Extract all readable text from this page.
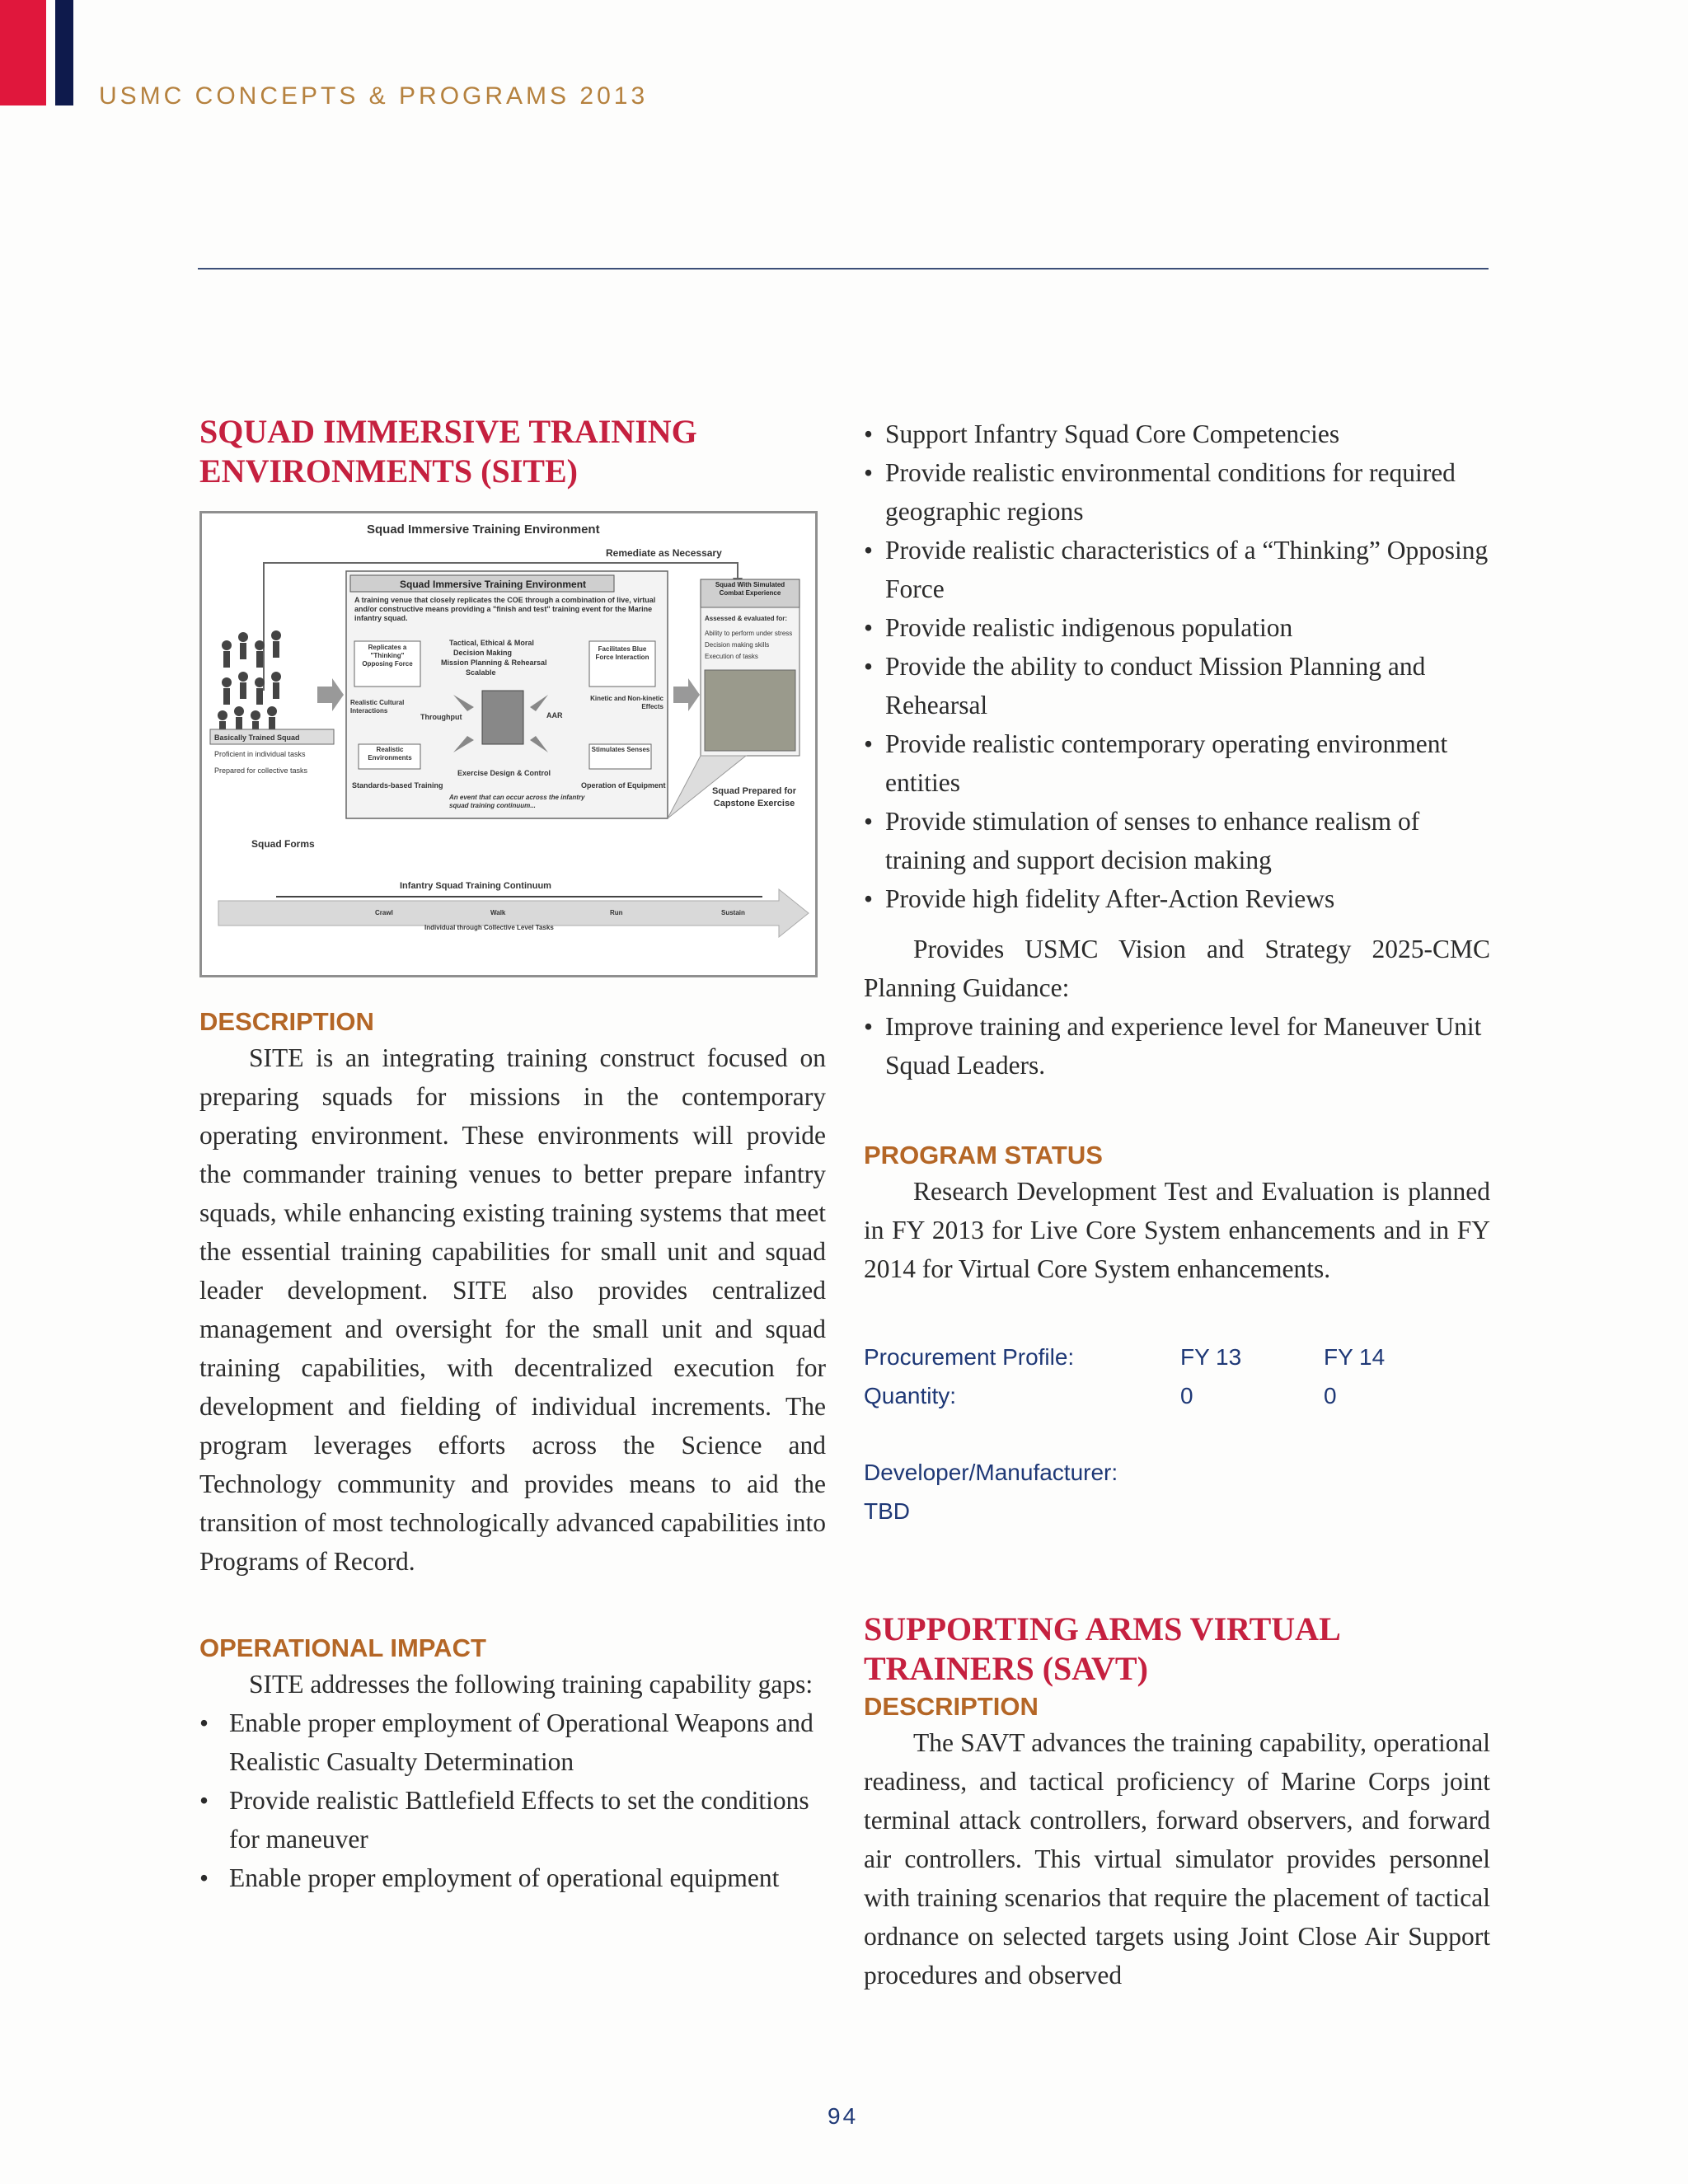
USMC CONCEPTS & PROGRAMS 2013
SQUAD IMMERSIVE TRAINING
ENVIRONMENTS (SITE)
Squad Immersive Training Environment
Remediate as Necessary
Basically Trained Squad
Proficient in individual tasks
Prepared for collective tasks
Squad Forms
Squad Immersive Training Environment
A training venue that closely replicates the COE through a combination of live, virtual and/or constructive means providing a "finish and test" training event for the Marine infantry squad.
Tactical, Ethical & Moral
Decision Making
Mission Planning & Rehearsal
Scalable
Replicates a "Thinking" Opposing Force
Facilitates Blue Force Interaction
Realistic Cultural Interactions
Throughput	AAR
Kinetic and Non-kinetic Effects
Realistic Environments
Stimulates Senses
Exercise Design & Control
Standards-based Training	Operation of Equipment
An event that can occur across the infantry squad training continuum...
Squad With Simulated Combat Experience
Assessed & evaluated for:
Ability to perform under stress
Decision making skills
Execution of tasks
Squad Prepared for Capstone Exercise
Infantry Squad Training Continuum
Crawl	Walk	Run	Sustain
Individual through Collective Level Tasks
DESCRIPTION

SITE is an integrating training construct focused on preparing squads for missions in the contemporary operating environment. These environments will provide the commander training venues to better prepare infantry squads, while enhancing existing training systems that meet the essential training capabilities for small unit and squad leader development. SITE also provides centralized management and oversight for the small unit and squad training capabilities, with decentralized execution for development and fielding of individual increments. The program leverages efforts across the Science and Technology community and provides means to aid the transition of most technologically advanced capabilities into Programs of Record.

OPERATIONAL IMPACT

SITE addresses the following training capability gaps:

• Enable proper employment of Operational Weapons and Realistic Casualty Determination
• Provide realistic Battlefield Effects to set the conditions for maneuver
• Enable proper employment of operational equipment
• Support Infantry Squad Core Competencies
• Provide realistic environmental conditions for required geographic regions
• Provide realistic characteristics of a “Thinking” Opposing Force
• Provide realistic indigenous population
• Provide the ability to conduct Mission Planning and Rehearsal
• Provide realistic contemporary operating environment entities
• Provide stimulation of senses to enhance realism of training and support decision making
• Provide high fidelity After-Action Reviews

Provides USMC Vision and Strategy 2025-CMC Planning Guidance:

• Improve training and experience level for Maneuver Unit Squad Leaders.
PROGRAM STATUS

Research Development Test and Evaluation is planned in FY 2013 for Live Core System enhancements and in FY 2014 for Virtual Core System enhancements.

Procurement Profile:	FY 13	FY 14
Quantity:	0	0
Developer/Manufacturer:
TBD
SUPPORTING ARMS VIRTUAL
TRAINERS (SAVT)
DESCRIPTION

The SAVT advances the training capability, operational readiness, and tactical proficiency of Marine Corps joint terminal attack controllers, forward observers, and forward air controllers. This virtual simulator provides personnel with training scenarios that require the placement of tactical ordnance on selected targets using Joint Close Air Support procedures and observed

94
